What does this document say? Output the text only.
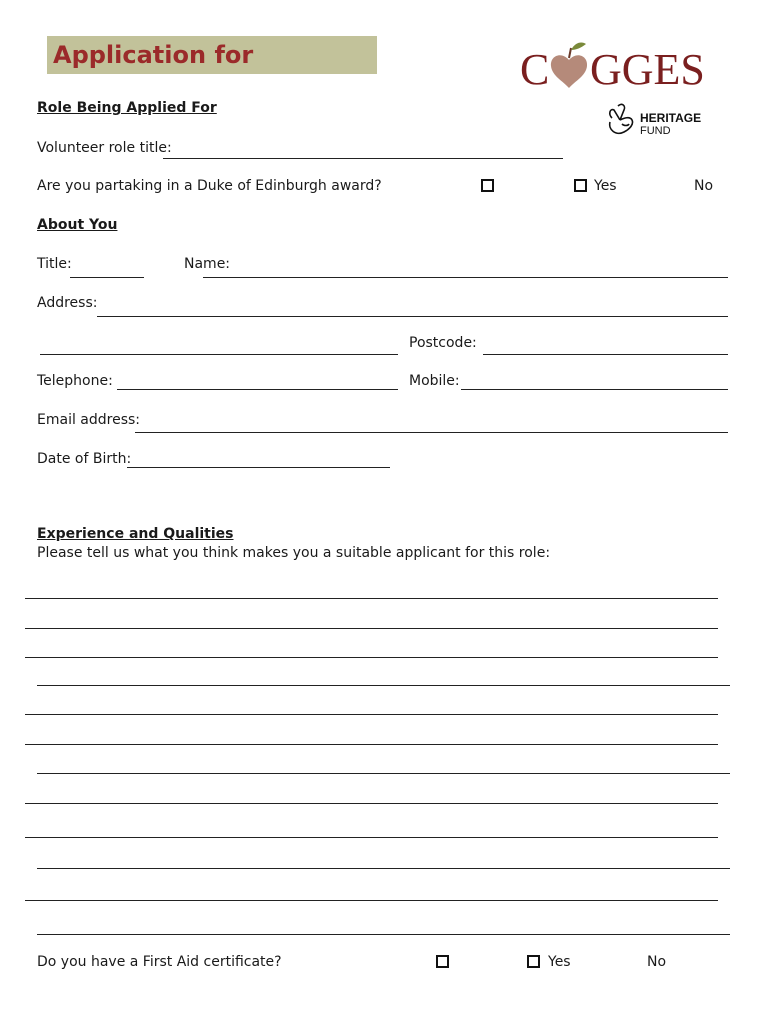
Application for	C GGES
HERITAGE
FUND
Role Being Applied For
Volunteer role title:
Are you partaking in a Duke of Edinburgh award?	Yes	No
About You
Title:	Name:
Address:
Postcode:
Telephone:	Mobile:
Email address:
Date of Birth:
Experience and Qualities
Please tell us what you think makes you a suitable applicant for this role:
Do you have a First Aid certificate?	Yes	No
